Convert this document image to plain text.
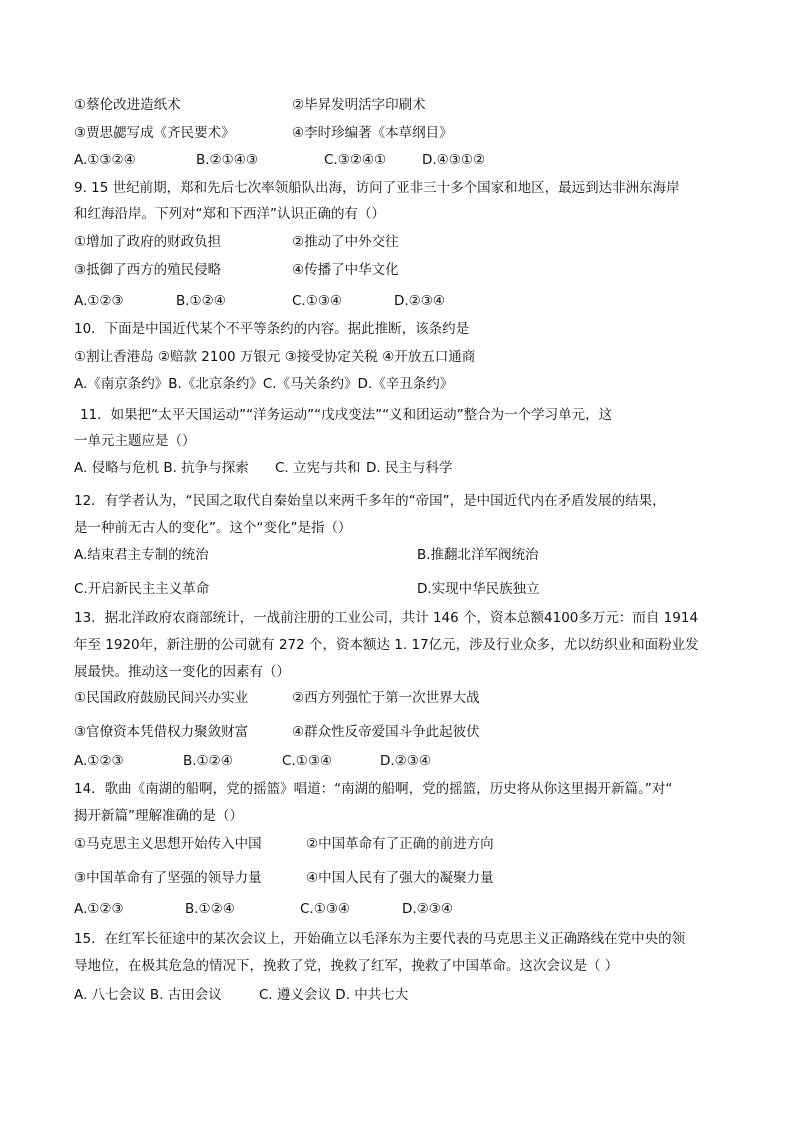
①蔡伦改进造纸术	②毕昇发明活字印刷术
③贾思勰写成《齐民要术》	④李时珍编著《本草纲目》
A.①③②④	B.②①④③	C.③②④①	D.④③①②
9. 15 世纪前期，郑和先后七次率领船队出海，访问了亚非三十多个国家和地区，最远到达非洲东海岸
和红海沿岸。下列对“郑和下西洋”认识正确的有（）
①增加了政府的财政负担	②推动了中外交往
③抵御了西方的殖民侵略	④传播了中华文化
A.①②③	B.①②④	C.①③④	D.②③④
10．下面是中国近代某个不平等条约的内容。据此推断，该条约是
①割让香港岛 ②赔款 2100 万银元 ③接受协定关税 ④开放五口通商
A.《南京条约》B.《北京条约》C.《马关条约》D.《辛丑条约》
11．如果把“太平天国运动”“洋务运动”“戊戌变法”“义和团运动”整合为一个学习单元，这
一单元主题应是（）
A. 侵略与危机 B. 抗争与探索 C. 立宪与共和 D. 民主与科学
12．有学者认为，“民国之取代自秦始皇以来两千多年的“帝国”，是中国近代内在矛盾发展的结果，
是一种前无古人的变化”。这个“变化”是指（）
A.结束君主专制的统治	B.推翻北洋军阀统治
C.开启新民主主义革命	D.实现中华民族独立
13．据北洋政府农商部统计，一战前注册的工业公司，共计 146 个，资本总额4100多万元：而自 1914
年至 1920年，新注册的公司就有 272 个，资本额达 1. 17亿元，涉及行业众多，尤以纺织业和面粉业发
展最快。推动这一变化的因素有（）
①民国政府鼓励民间兴办实业	②西方列强忙于第一次世界大战
③官僚资本凭借权力聚敛财富	④群众性反帝爱国斗争此起彼伏
A.①②③	B.①②④	C.①③④	D.②③④
14．歌曲《南湖的船啊，党的摇篮》唱道：“南湖的船啊，党的摇篮，历史将从你这里揭开新篇。”对“
揭开新篇”理解准确的是（）
①马克思主义思想开始传入中国	②中国革命有了正确的前进方向
③中国革命有了坚强的领导力量	④中国人民有了强大的凝聚力量
A.①②③	B.①②④	C.①③④	D.②③④
15．在红军长征途中的某次会议上，开始确立以毛泽东为主要代表的马克思主义正确路线在党中央的领
导地位，在极其危急的情况下，挽救了党，挽救了红军，挽救了中国革命。这次会议是（ ）
A. 八七会议 B. 古田会议	C. 遵义会议 D. 中共七大
